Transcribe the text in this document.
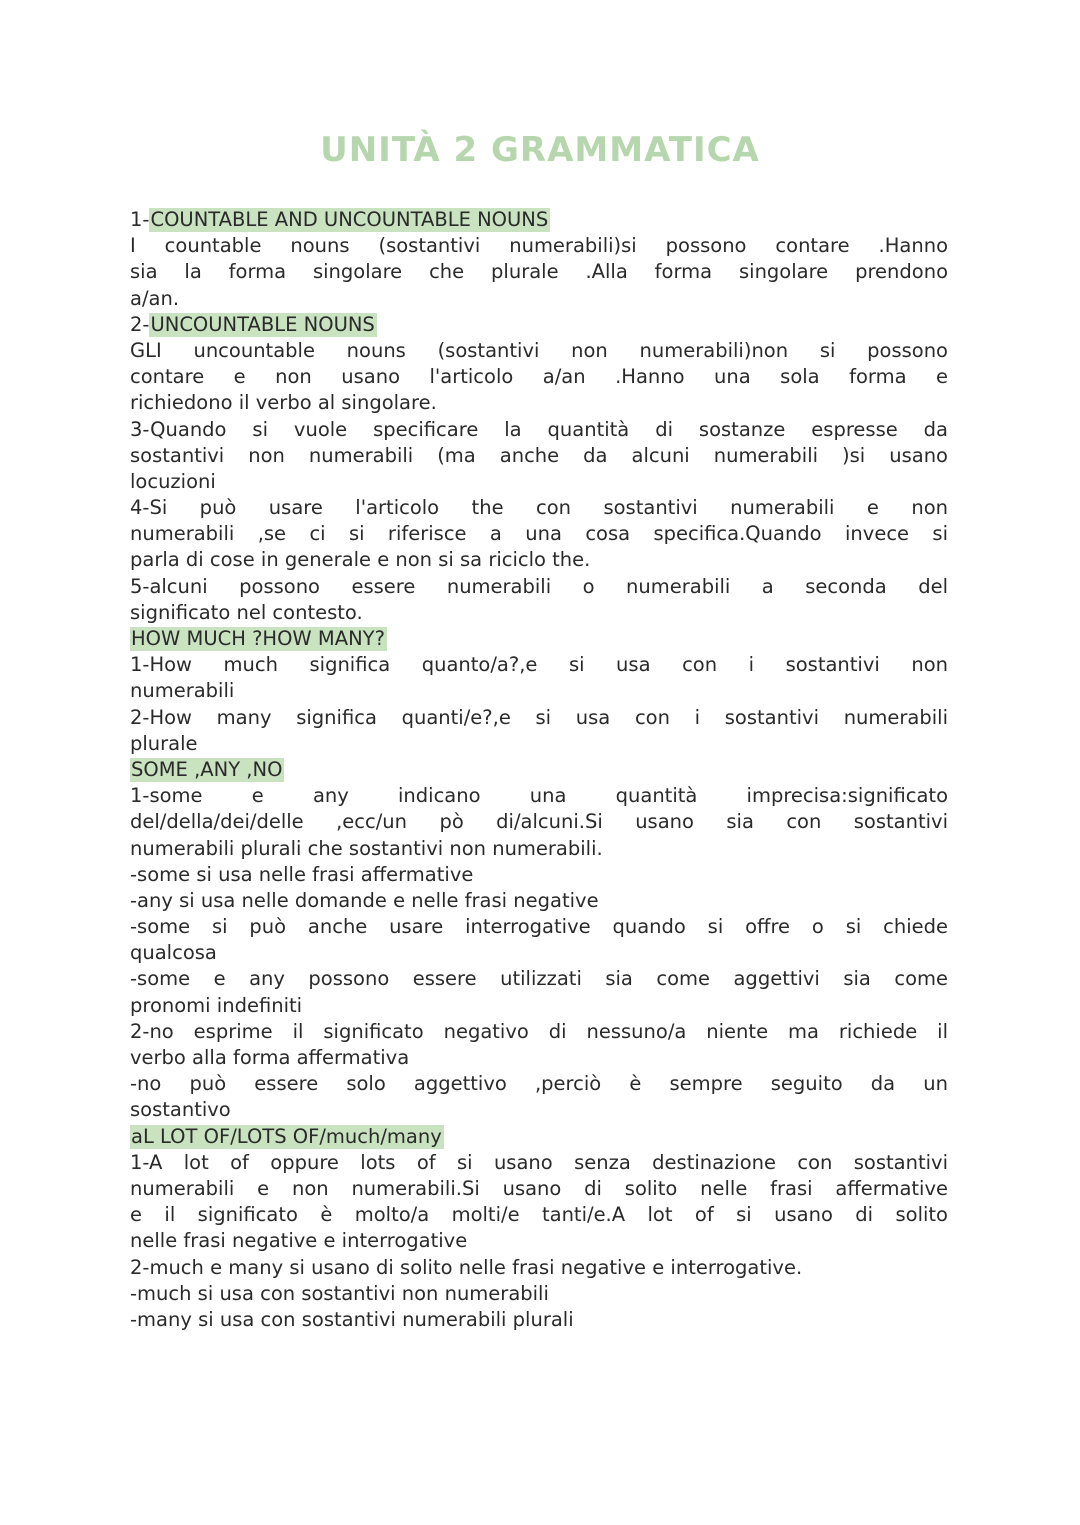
UNITÀ 2 GRAMMATICA
1-COUNTABLE AND UNCOUNTABLE NOUNS
I countable nouns (sostantivi numerabili)si possono contare .Hanno
sia la forma singolare che plurale .Alla forma singolare prendono
a/an.
2-UNCOUNTABLE NOUNS
GLI uncountable nouns (sostantivi non numerabili)non si possono
contare e non usano l'articolo a/an .Hanno una sola forma e
richiedono il verbo al singolare.
3-Quando si vuole specificare la quantità di sostanze espresse da
sostantivi non numerabili (ma anche da alcuni numerabili )si usano
locuzioni
4-Si può usare l'articolo the con sostantivi numerabili e non
numerabili ,se ci si riferisce a una cosa specifica.Quando invece si
parla di cose in generale e non si sa riciclo the.
5-alcuni possono essere numerabili o numerabili a seconda del
significato nel contesto.
HOW MUCH ?HOW MANY?
1-How much significa quanto/a?,e si usa con i sostantivi non
numerabili
2-How many significa quanti/e?,e si usa con i sostantivi numerabili
plurale
SOME ,ANY ,NO
1-some e any indicano una quantità imprecisa:significato
del/della/dei/delle ,ecc/un pò di/alcuni.Si usano sia con sostantivi
numerabili plurali che sostantivi non numerabili.
-some si usa nelle frasi affermative
-any si usa nelle domande e nelle frasi negative
-some si può anche usare interrogative quando si offre o si chiede
qualcosa
-some e any possono essere utilizzati sia come aggettivi sia come
pronomi indefiniti
2-no esprime il significato negativo di nessuno/a niente ma richiede il
verbo alla forma affermativa
-no può essere solo aggettivo ,perciò è sempre seguito da un
sostantivo
aL LOT OF/LOTS OF/much/many
1-A lot of oppure lots of si usano senza destinazione con sostantivi
numerabili e non numerabili.Si usano di solito nelle frasi affermative
e il significato è molto/a molti/e tanti/e.A lot of si usano di solito
nelle frasi negative e interrogative
2-much e many si usano di solito nelle frasi negative e interrogative.
-much si usa con sostantivi non numerabili
-many si usa con sostantivi numerabili plurali
